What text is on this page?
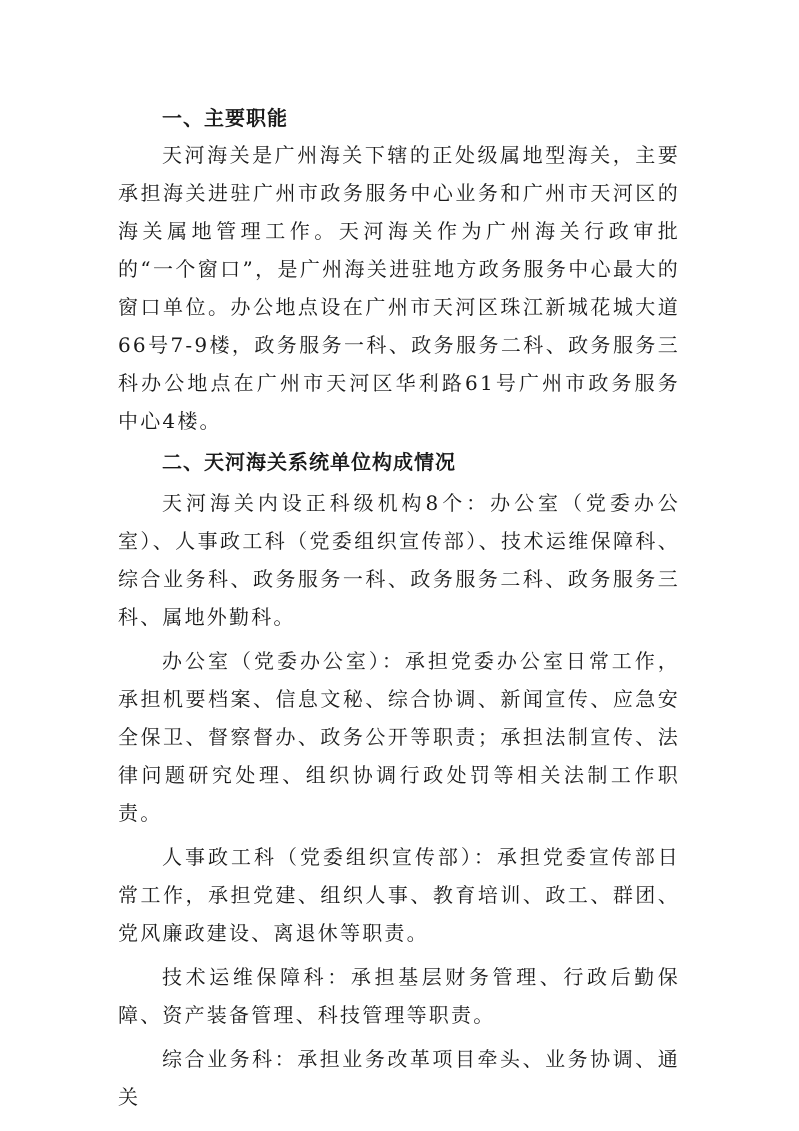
一、主要职能

天河海关是广州海关下辖的正处级属地型海关，主要承担海关进驻广州市政务服务中心业务和广州市天河区的海关属地管理工作。天河海关作为广州海关行政审批的“一个窗口”，是广州海关进驻地方政务服务中心最大的窗口单位。办公地点设在广州市天河区珠江新城花城大道66号7-9楼，政务服务一科、政务服务二科、政务服务三科办公地点在广州市天河区华利路61号广州市政务服务中心4楼。

二、天河海关系统单位构成情况

天河海关内设正科级机构8个：办公室（党委办公室）、人事政工科（党委组织宣传部）、技术运维保障科、综合业务科、政务服务一科、政务服务二科、政务服务三科、属地外勤科。

办公室（党委办公室）：承担党委办公室日常工作，承担机要档案、信息文秘、综合协调、新闻宣传、应急安全保卫、督察督办、政务公开等职责；承担法制宣传、法律问题研究处理、组织协调行政处罚等相关法制工作职责。

人事政工科（党委组织宣传部）：承担党委宣传部日常工作，承担党建、组织人事、教育培训、政工、群团、党风廉政建设、离退休等职责。

技术运维保障科：承担基层财务管理、行政后勤保障、资产装备管理、科技管理等职责。

综合业务科：承担业务改革项目牵头、业务协调、通关
